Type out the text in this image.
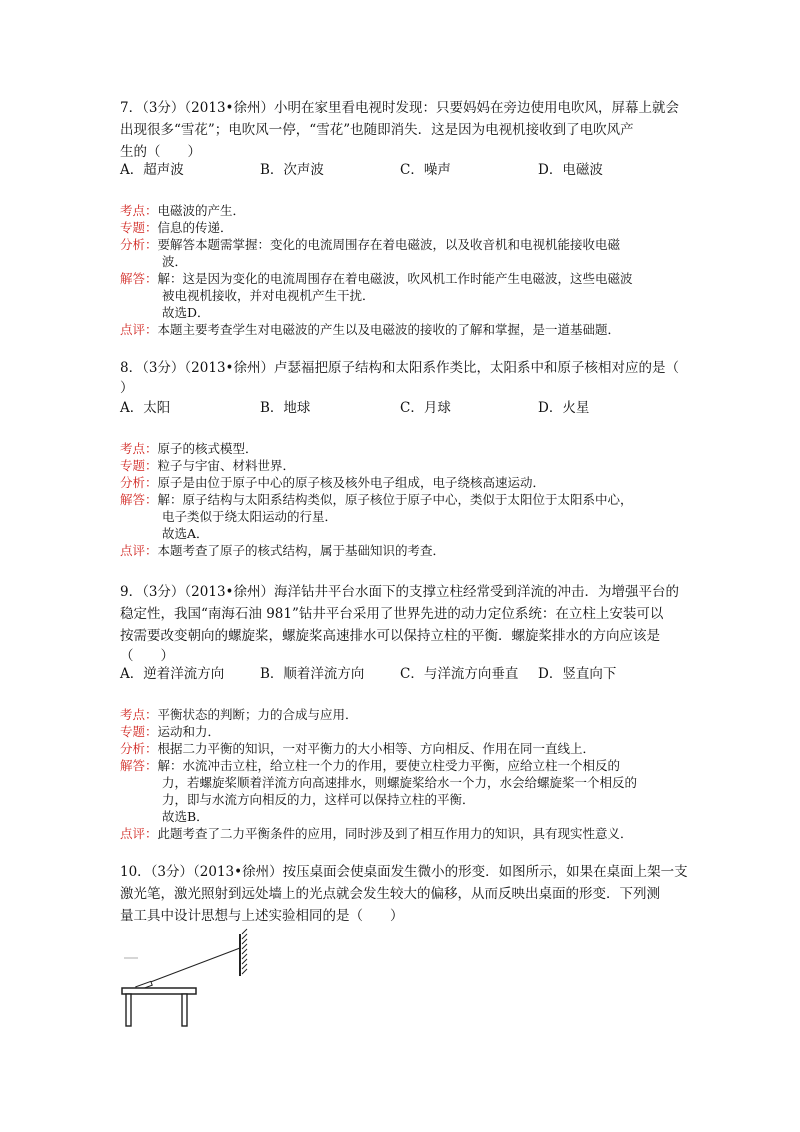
7．（3分）（2013•徐州）小明在家里看电视时发现：只要妈妈在旁边使用电吹风，屏幕上就会
出现很多“雪花”；电吹风一停，“雪花”也随即消失．这是因为电视机接收到了电吹风产
生的（　　）
A．超声波	B．次声波	C．噪声	D．电磁波
考点：电磁波的产生．
专题：信息的传递．
分析：要解答本题需掌握：变化的电流周围存在着电磁波，以及收音机和电视机能接收电磁
波．
解答：解：这是因为变化的电流周围存在着电磁波，吹风机工作时能产生电磁波，这些电磁波
被电视机接收，并对电视机产生干扰．
故选D．
点评：本题主要考查学生对电磁波的产生以及电磁波的接收的了解和掌握，是一道基础题．
8．（3分）（2013•徐州）卢瑟福把原子结构和太阳系作类比，太阳系中和原子核相对应的是（
）
A．太阳	B．地球	C．月球	D．火星
考点：原子的核式模型．
专题：粒子与宇宙、材料世界．
分析：原子是由位于原子中心的原子核及核外电子组成，电子绕核高速运动．
解答：解：原子结构与太阳系结构类似，原子核位于原子中心，类似于太阳位于太阳系中心，
电子类似于绕太阳运动的行星．
故选A．
点评：本题考查了原子的核式结构，属于基础知识的考查．
9．（3分）（2013•徐州）海洋钻井平台水面下的支撑立柱经常受到洋流的冲击．为增强平台的
稳定性，我国“南海石油 981”钻井平台采用了世界先进的动力定位系统：在立柱上安装可以
按需要改变朝向的螺旋桨，螺旋桨高速排水可以保持立柱的平衡．螺旋桨排水的方向应该是
（　　）
A．逆着洋流方向	B．顺着洋流方向	C．与洋流方向垂直 D．竖直向下
考点：平衡状态的判断；力的合成与应用．
专题：运动和力．
分析：根据二力平衡的知识，一对平衡力的大小相等、方向相反、作用在同一直线上．
解答：解：水流冲击立柱，给立柱一个力的作用，要使立柱受力平衡，应给立柱一个相反的
力，若螺旋桨顺着洋流方向高速排水，则螺旋桨给水一个力，水会给螺旋桨一个相反的
力，即与水流方向相反的力，这样可以保持立柱的平衡．
故选B．
点评：此题考查了二力平衡条件的应用，同时涉及到了相互作用力的知识，具有现实性意义．
10．（3分）（2013•徐州）按压桌面会使桌面发生微小的形变．如图所示，如果在桌面上架一支
激光笔，激光照射到远处墙上的光点就会发生较大的偏移，从而反映出桌面的形变．下列测
量工具中设计思想与上述实验相同的是（　　）
